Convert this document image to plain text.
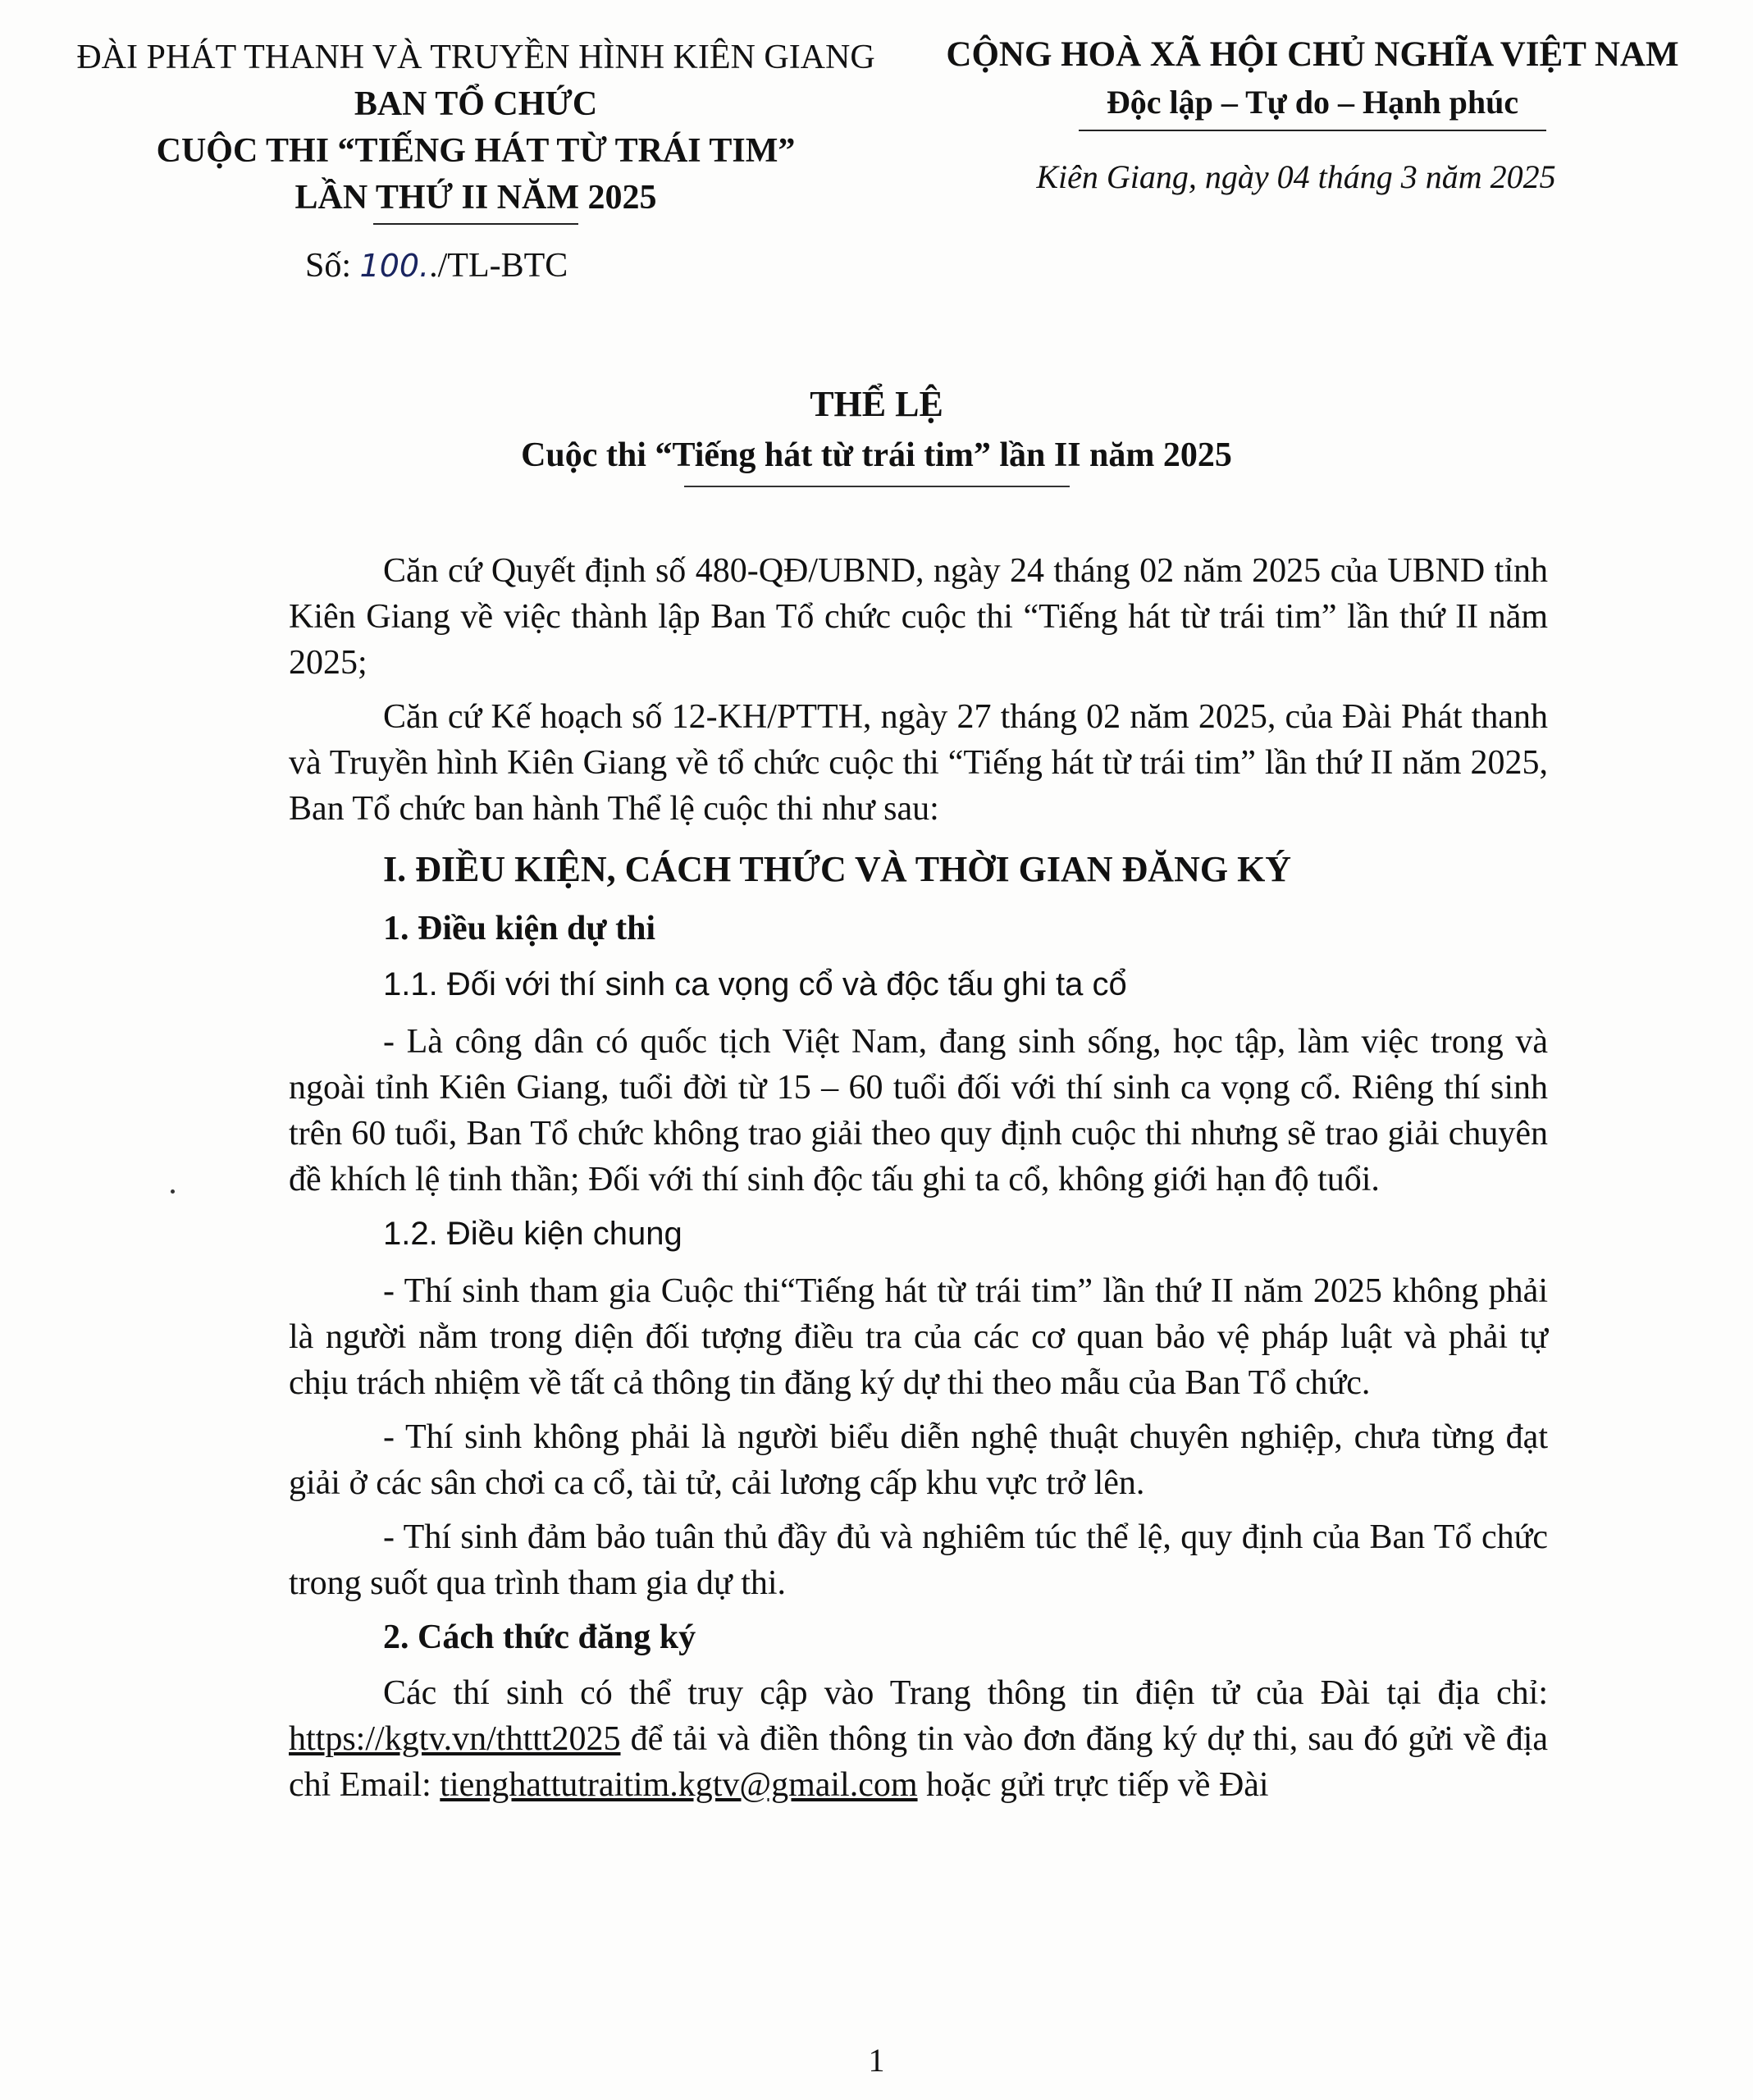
ĐÀI PHÁT THANH VÀ TRUYỀN HÌNH KIÊN GIANG
BAN TỔ CHỨC
CUỘC THI “TIẾNG HÁT TỪ TRÁI TIM”
LẦN THỨ II NĂM 2025
CỘNG HOÀ XÃ HỘI CHỦ NGHĨA VIỆT NAM
Độc lập – Tự do – Hạnh phúc
Kiên Giang, ngày 04 tháng 3 năm 2025
Số: 100../TL-BTC
THỂ LỆ
Cuộc thi “Tiếng hát từ trái tim” lần II năm 2025

Căn cứ Quyết định số 480-QĐ/UBND, ngày 24 tháng 02 năm 2025 của UBND tỉnh Kiên Giang về việc thành lập Ban Tổ chức cuộc thi “Tiếng hát từ trái tim” lần thứ II năm 2025;

Căn cứ Kế hoạch số 12-KH/PTTH, ngày 27 tháng 02 năm 2025, của Đài Phát thanh và Truyền hình Kiên Giang về tổ chức cuộc thi “Tiếng hát từ trái tim” lần thứ II năm 2025, Ban Tổ chức ban hành Thể lệ cuộc thi như sau:

I. ĐIỀU KIỆN, CÁCH THỨC VÀ THỜI GIAN ĐĂNG KÝ
1. Điều kiện dự thi
1.1. Đối với thí sinh ca vọng cổ và độc tấu ghi ta cổ

- Là công dân có quốc tịch Việt Nam, đang sinh sống, học tập, làm việc trong và ngoài tỉnh Kiên Giang, tuổi đời từ 15 – 60 tuổi đối với thí sinh ca vọng cổ. Riêng thí sinh trên 60 tuổi, Ban Tổ chức không trao giải theo quy định cuộc thi nhưng sẽ trao giải chuyên đề khích lệ tinh thần; Đối với thí sinh độc tấu ghi ta cổ, không giới hạn độ tuổi.

1.2. Điều kiện chung

- Thí sinh tham gia Cuộc thi“Tiếng hát từ trái tim” lần thứ II năm 2025 không phải là người nằm trong diện đối tượng điều tra của các cơ quan bảo vệ pháp luật và phải tự chịu trách nhiệm về tất cả thông tin đăng ký dự thi theo mẫu của Ban Tổ chức.

- Thí sinh không phải là người biểu diễn nghệ thuật chuyên nghiệp, chưa từng đạt giải ở các sân chơi ca cổ, tài tử, cải lương cấp khu vực trở lên.

- Thí sinh đảm bảo tuân thủ đầy đủ và nghiêm túc thể lệ, quy định của Ban Tổ chức trong suốt qua trình tham gia dự thi.

2. Cách thức đăng ký

Các thí sinh có thể truy cập vào Trang thông tin điện tử của Đài tại địa chỉ: https://kgtv.vn/thttt2025 để tải và điền thông tin vào đơn đăng ký dự thi, sau đó gửi về địa chỉ Email: tienghattutraitim.kgtv@gmail.com hoặc gửi trực tiếp về Đài

1
